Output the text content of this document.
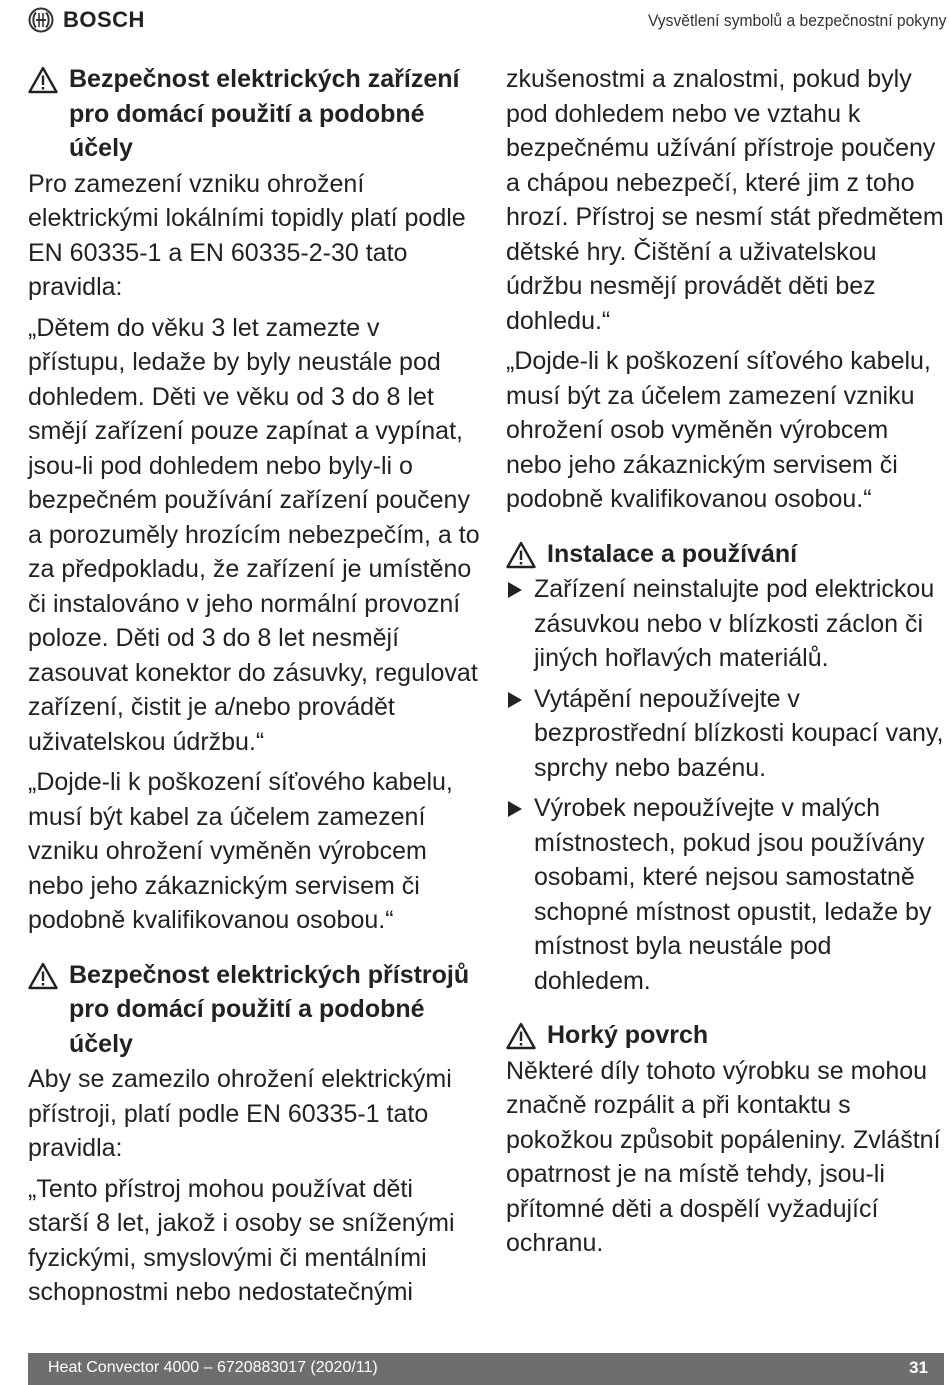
BOSCH	Vysvětlení symbolů a bezpečnostní pokyny
Bezpečnost elektrických zařízení pro domácí použití a podobné účely

Pro zamezení vzniku ohrožení elektrickými lokálními topidly platí podle EN 60335-1 a EN 60335-2-30 tato pravidla:

„Dětem do věku 3 let zamezte v přístupu, ledaže by byly neustále pod dohledem. Děti ve věku od 3 do 8 let smějí zařízení pouze zapínat a vypínat, jsou-li pod dohledem nebo byly-li o bezpečném používání zařízení poučeny a porozuměly hrozícím nebezpečím, a to za předpokladu, že zařízení je umístěno či instalováno v jeho normální provozní poloze. Děti od 3 do 8 let nesmějí zasouvat konektor do zásuvky, regulovat zařízení, čistit je a/nebo provádět uživatelskou údržbu.“

„Dojde-li k poškození síťového kabelu, musí být kabel za účelem zamezení vzniku ohrožení vyměněn výrobcem nebo jeho zákaznickým servisem či podobně kvalifikovanou osobou.“

Bezpečnost elektrických přístrojů pro domácí použití a podobné účely

Aby se zamezilo ohrožení elektrickými přístroji, platí podle EN 60335-1 tato pravidla:

„Tento přístroj mohou používat děti starší 8 let, jakož i osoby se sníženými fyzickými, smyslovými či mentálními schopnostmi nebo nedostatečnými

zkušenostmi a znalostmi, pokud byly pod dohledem nebo ve vztahu k bezpečnému užívání přístroje poučeny a chápou nebezpečí, které jim z toho hrozí. Přístroj se nesmí stát předmětem dětské hry. Čištění a uživatelskou údržbu nesmějí provádět děti bez dohledu.“

„Dojde-li k poškození síťového kabelu, musí být za účelem zamezení vzniku ohrožení osob vyměněn výrobcem nebo jeho zákaznickým servisem či podobně kvalifikovanou osobou.“

Instalace a používání
Zařízení neinstalujte pod elektrickou zásuvkou nebo v blízkosti záclon či jiných hořlavých materiálů.
Vytápění nepoužívejte v bezprostřední blízkosti koupací vany, sprchy nebo bazénu.
Výrobek nepoužívejte v malých místnostech, pokud jsou používány osobami, které nejsou samostatně schopné místnost opustit, ledaže by místnost byla neustále pod dohledem.
Horký povrch

Některé díly tohoto výrobku se mohou značně rozpálit a při kontaktu s pokožkou způsobit popáleniny. Zvláštní opatrnost je na místě tehdy, jsou-li přítomné děti a dospělí vyžadující ochranu.

Heat Convector 4000 – 6720883017 (2020/11)	31
